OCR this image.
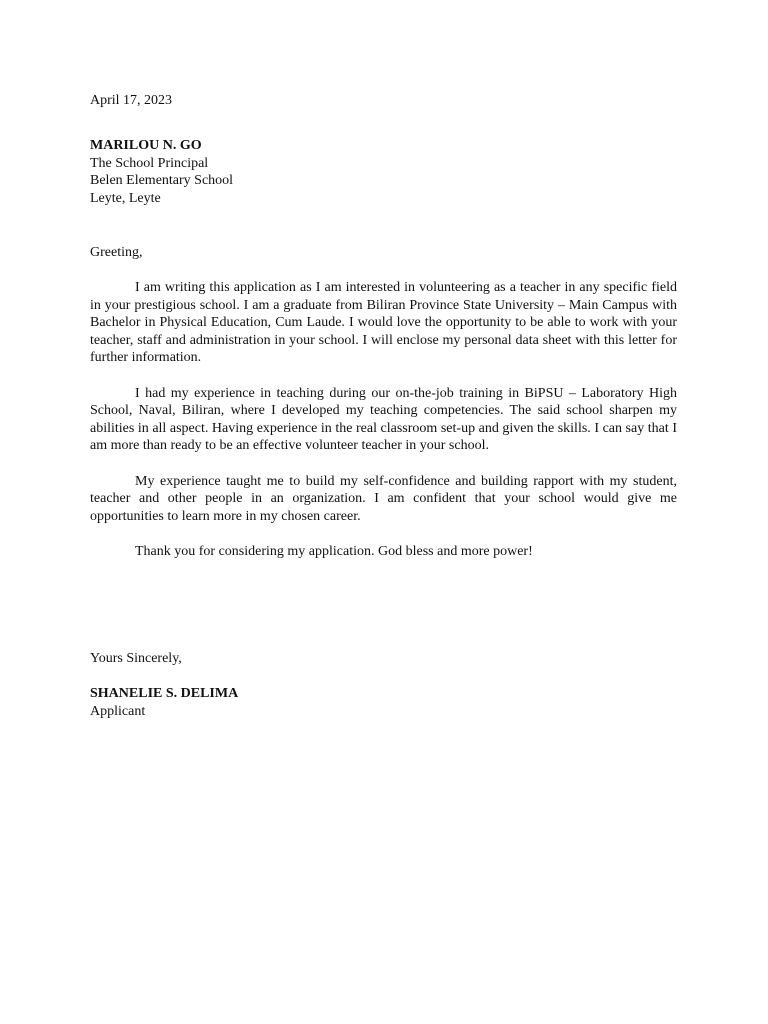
April 17, 2023
MARILOU N. GO
The School Principal
Belen Elementary School
Leyte, Leyte
Greeting,

I am writing this application as I am interested in volunteering as a teacher in any specific field in your prestigious school. I am a graduate from Biliran Province State University – Main Campus with Bachelor in Physical Education, Cum Laude. I would love the opportunity to be able to work with your teacher, staff and administration in your school. I will enclose my personal data sheet with this letter for further information.

I had my experience in teaching during our on-the-job training in BiPSU – Laboratory High School, Naval, Biliran, where I developed my teaching competencies. The said school sharpen my abilities in all aspect. Having experience in the real classroom set-up and given the skills. I can say that I am more than ready to be an effective volunteer teacher in your school.

My experience taught me to build my self-confidence and building rapport with my student, teacher and other people in an organization. I am confident that your school would give me opportunities to learn more in my chosen career.

Thank you for considering my application. God bless and more power!

Yours Sincerely,
SHANELIE S. DELIMA
Applicant
